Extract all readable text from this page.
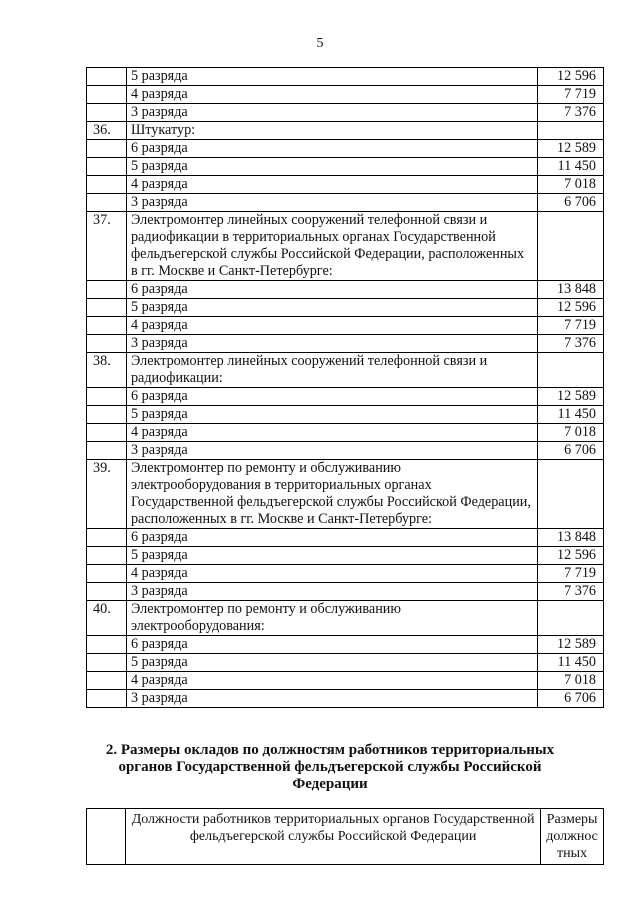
5
	5 разряда	12 596
	4 разряда	7 719
	3 разряда	7 376
36.	Штукатур:	
	6 разряда	12 589
	5 разряда	11 450
	4 разряда	7 018
	3 разряда	6 706
37.	Электромонтер линейных сооружений телефонной связи и радиофикации в территориальных органах Государственной фельдъегерской службы Российской Федерации, расположенных в гг. Москве и Санкт-Петербурге:	
	6 разряда	13 848
	5 разряда	12 596
	4 разряда	7 719
	3 разряда	7 376
38.	Электромонтер линейных сооружений телефонной связи и радиофикации:	
	6 разряда	12 589
	5 разряда	11 450
	4 разряда	7 018
	3 разряда	6 706
39.	Электромонтер по ремонту и обслуживанию электрооборудования в территориальных органах Государственной фельдъегерской службы Российской Федерации, расположенных в гг. Москве и Санкт-Петербурге:	
	6 разряда	13 848
	5 разряда	12 596
	4 разряда	7 719
	3 разряда	7 376
40.	Электромонтер по ремонту и обслуживанию электрооборудования:	
	6 разряда	12 589
	5 разряда	11 450
	4 разряда	7 018
	3 разряда	6 706
2. Размеры окладов по должностям работников территориальных органов Государственной фельдъегерской службы Российской Федерации
	Должности работников территориальных органов Государственной фельдъегерской службы Российской Федерации	Размеры должнос тных
